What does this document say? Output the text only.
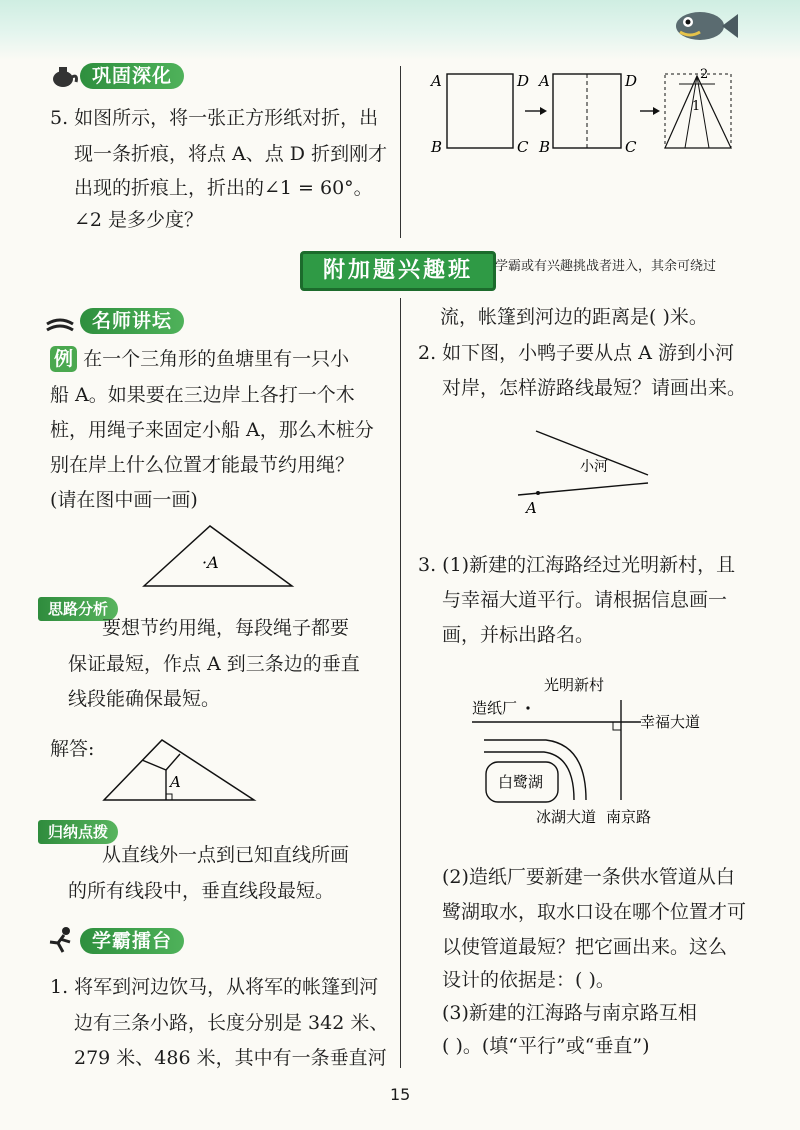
巩固深化
5. 如图所示，将一张正方形纸对折，出
现一条折痕，将点 A、点 D 折到刚才
出现的折痕上，折出的∠1 = 60°。
∠2 是多少度？
A	D
B	C
A	D
B	C
2
1
附加题兴趣班	学霸或有兴趣挑战者进入，其余可绕过
名师讲坛
例 在一个三角形的鱼塘里有一只小
船 A。如果要在三边岸上各打一个木
桩，用绳子来固定小船 A，那么木桩分
别在岸上什么位置才能最节约用绳？
(请在图中画一画)
·A
思路分析
要想节约用绳，每段绳子都要
保证最短，作点 A 到三条边的垂直
线段能确保最短。
解答:
A
归纳点拨
从直线外一点到已知直线所画
的所有线段中，垂直线段最短。
学霸擂台
1. 将军到河边饮马，从将军的帐篷到河
边有三条小路，长度分别是 342 米、
279 米、486 米，其中有一条垂直河
流，帐篷到河边的距离是( )米。
2. 如下图，小鸭子要从点 A 游到小河
对岸，怎样游路线最短？请画出来。
小河
A
3. (1)新建的江海路经过光明新村，且
与幸福大道平行。请根据信息画一
画，并标出路名。
光明新村
造纸厂
幸福大道
白鹭湖
冰湖大道 南京路
(2)造纸厂要新建一条供水管道从白
鹭湖取水，取水口设在哪个位置才可
以使管道最短？把它画出来。这么
设计的依据是：( )。
(3)新建的江海路与南京路互相
( )。(填“平行”或“垂直”)
15
